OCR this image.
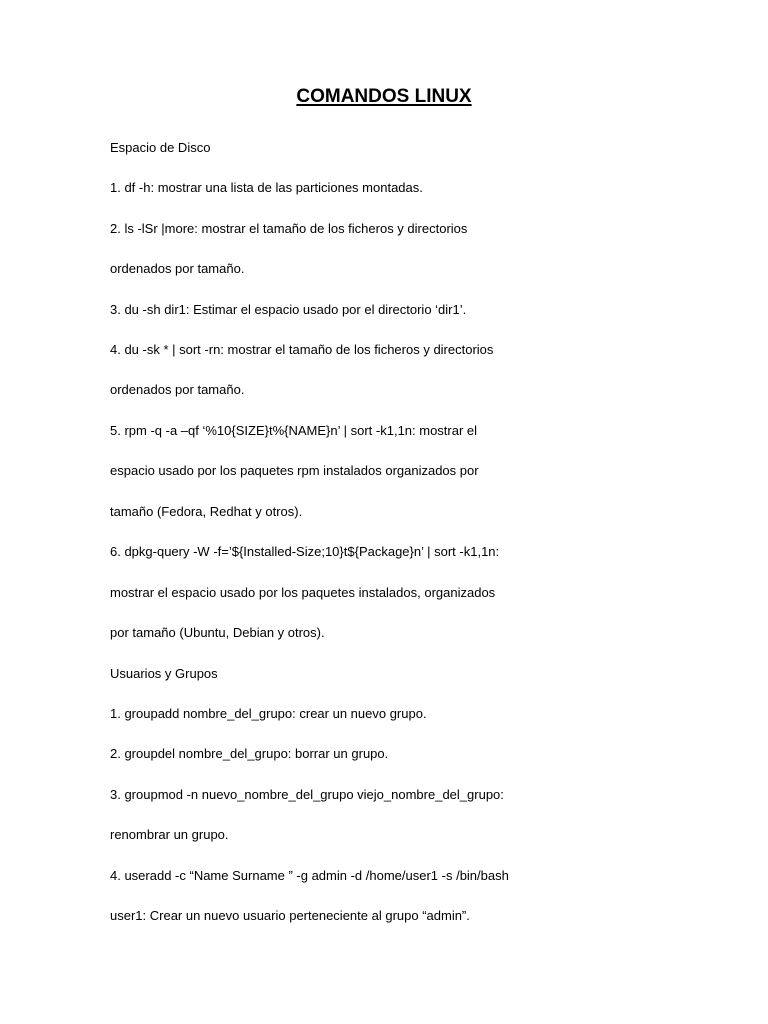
COMANDOS LINUX
Espacio de Disco
1. df -h: mostrar una lista de las particiones montadas.
2. ls -lSr |more: mostrar el tamaño de los ficheros y directorios
ordenados por tamaño.
3. du -sh dir1: Estimar el espacio usado por el directorio ‘dir1’.
4. du -sk * | sort -rn: mostrar el tamaño de los ficheros y directorios
ordenados por tamaño.
5. rpm -q -a –qf ‘%10{SIZE}t%{NAME}n’ | sort -k1,1n: mostrar el
espacio usado por los paquetes rpm instalados organizados por
tamaño (Fedora, Redhat y otros).
6. dpkg-query -W -f=’${Installed-Size;10}t${Package}n’ | sort -k1,1n:
mostrar el espacio usado por los paquetes instalados, organizados
por tamaño (Ubuntu, Debian y otros).
Usuarios y Grupos
1. groupadd nombre_del_grupo: crear un nuevo grupo.
2. groupdel nombre_del_grupo: borrar un grupo.
3. groupmod -n nuevo_nombre_del_grupo viejo_nombre_del_grupo:
renombrar un grupo.
4. useradd -c “Name Surname ” -g admin -d /home/user1 -s /bin/bash
user1: Crear un nuevo usuario perteneciente al grupo “admin”.
